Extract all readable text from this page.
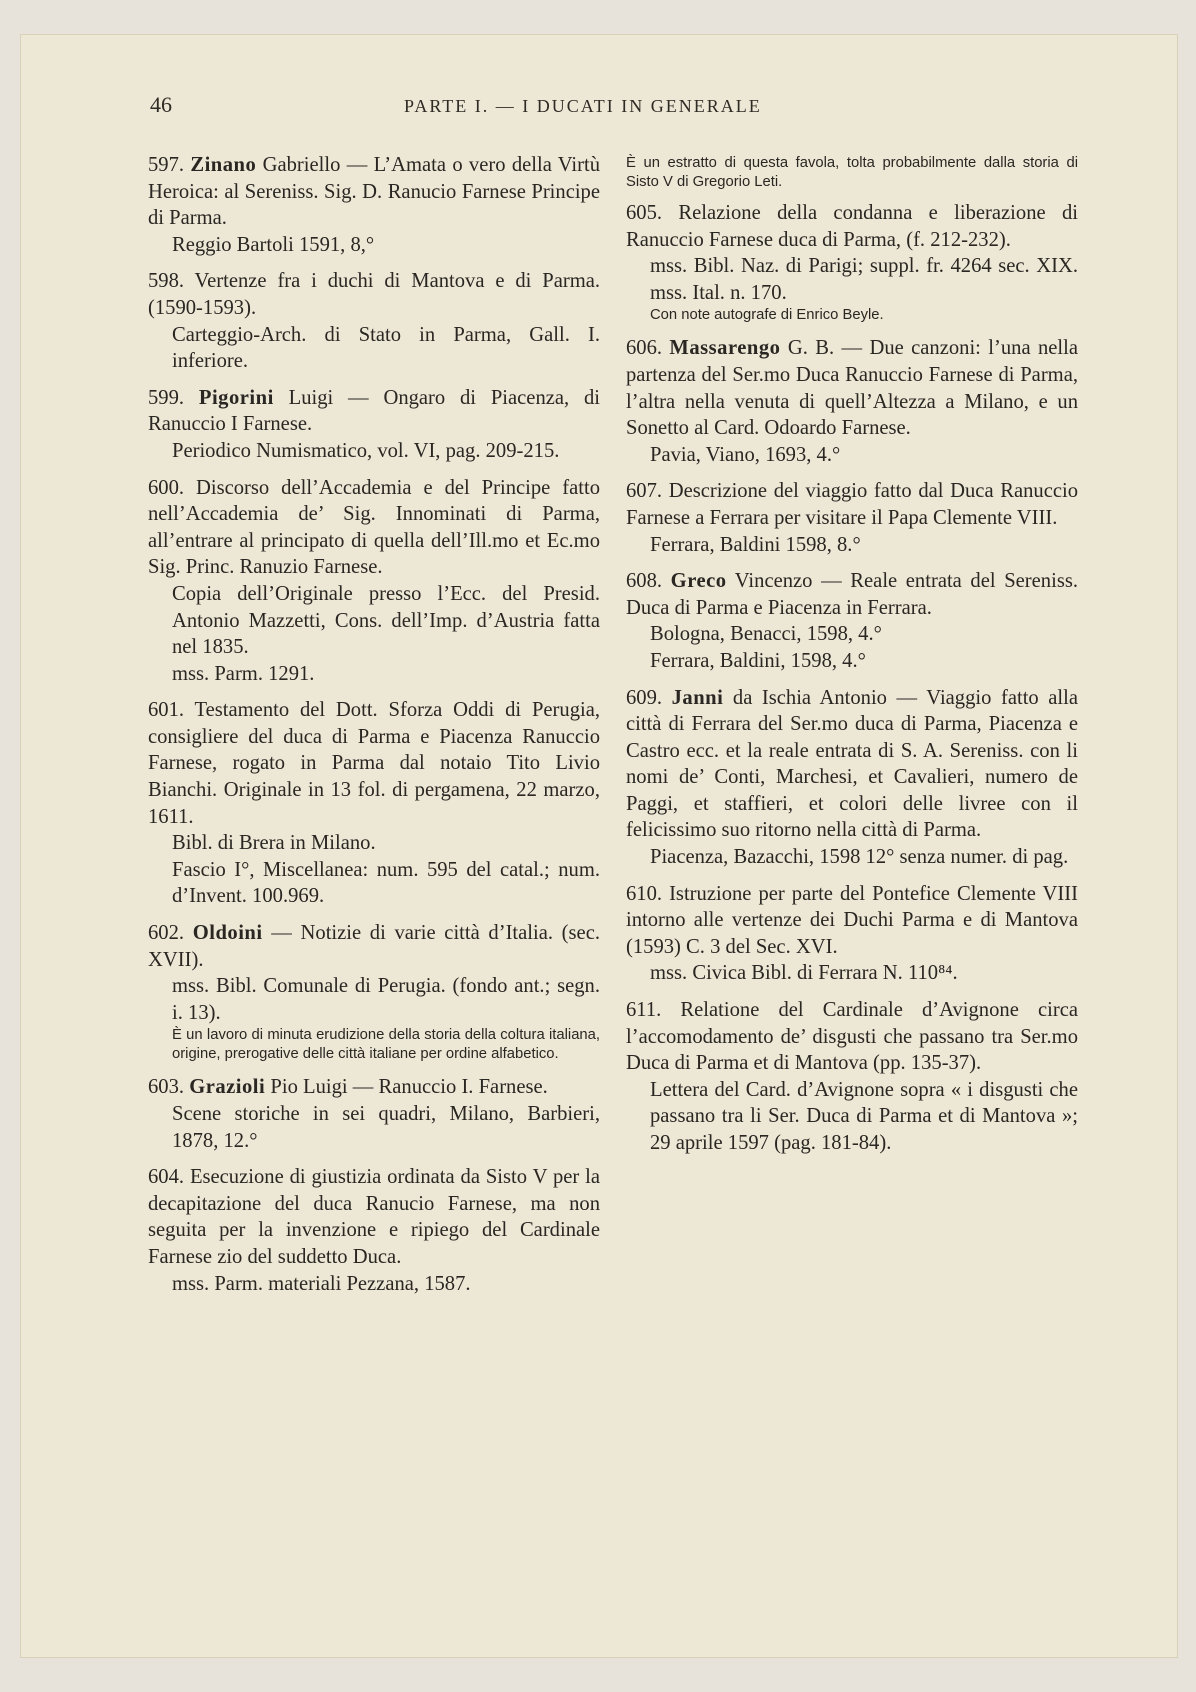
46	PARTE I. — I DUCATI IN GENERALE

597. Zinano Gabriello — L’Amata o vero della Virtù Heroica: al Sereniss. Sig. D. Ranucio Farnese Principe di Parma.

Reggio Bartoli 1591, 8,°

598. Vertenze fra i duchi di Mantova e di Parma. (1590-1593).

Carteggio-Arch. di Stato in Parma, Gall. I. inferiore.

599. Pigorini Luigi — Ongaro di Piacenza, di Ranuccio I Farnese.

Periodico Numismatico, vol. VI, pag. 209-215.

600. Discorso dell’Accademia e del Principe fatto nell’Accademia de’ Sig. Innominati di Parma, all’entrare al principato di quella dell’Ill.mo et Ec.mo Sig. Princ. Ranuzio Farnese.

Copia dell’Originale presso l’Ecc. del Presid. Antonio Mazzetti, Cons. dell’Imp. d’Austria fatta nel 1835.

mss. Parm. 1291.

601. Testamento del Dott. Sforza Oddi di Perugia, consigliere del duca di Parma e Piacenza Ranuccio Farnese, rogato in Parma dal notaio Tito Livio Bianchi. Originale in 13 fol. di pergamena, 22 marzo, 1611.

Bibl. di Brera in Milano.

Fascio I°, Miscellanea: num. 595 del catal.; num. d’Invent. 100.969.

602. Oldoini — Notizie di varie città d’Italia. (sec. XVII).

mss. Bibl. Comunale di Perugia. (fondo ant.; segn. i. 13).

È un lavoro di minuta erudizione della storia della coltura italiana, origine, prerogative delle città italiane per ordine alfabetico.

603. Grazioli Pio Luigi — Ranuccio I. Farnese.

Scene storiche in sei quadri, Milano, Barbieri, 1878, 12.°

604. Esecuzione di giustizia ordinata da Sisto V per la decapitazione del duca Ranucio Farnese, ma non seguita per la invenzione e ripiego del Cardinale Farnese zio del suddetto Duca.

mss. Parm. materiali Pezzana, 1587.

È un estratto di questa favola, tolta probabilmente dalla storia di Sisto V di Gregorio Leti.

605. Relazione della condanna e liberazione di Ranuccio Farnese duca di Parma, (f. 212-232).

mss. Bibl. Naz. di Parigi; suppl. fr. 4264 sec. XIX. mss. Ital. n. 170.

Con note autografe di Enrico Beyle.

606. Massarengo G. B. — Due canzoni: l’una nella partenza del Ser.mo Duca Ranuccio Farnese di Parma, l’altra nella venuta di quell’Altezza a Milano, e un Sonetto al Card. Odoardo Farnese.

Pavia, Viano, 1693, 4.°

607. Descrizione del viaggio fatto dal Duca Ranuccio Farnese a Ferrara per visitare il Papa Clemente VIII.

Ferrara, Baldini 1598, 8.°

608. Greco Vincenzo — Reale entrata del Sereniss. Duca di Parma e Piacenza in Ferrara.

Bologna, Benacci, 1598, 4.°

Ferrara, Baldini, 1598, 4.°

609. Janni da Ischia Antonio — Viaggio fatto alla città di Ferrara del Ser.mo duca di Parma, Piacenza e Castro ecc. et la reale entrata di S. A. Sereniss. con li nomi de’ Conti, Marchesi, et Cavalieri, numero de Paggi, et staffieri, et colori delle livree con il felicissimo suo ritorno nella città di Parma.

Piacenza, Bazacchi, 1598 12° senza numer. di pag.

610. Istruzione per parte del Pontefice Clemente VIII intorno alle vertenze dei Duchi Parma e di Mantova (1593) C. 3 del Sec. XVI.

mss. Civica Bibl. di Ferrara N. 110⁸⁴.

611. Relatione del Cardinale d’Avignone circa l’accomodamento de’ disgusti che passano tra Ser.mo Duca di Parma et di Mantova (pp. 135-37).

Lettera del Card. d’Avignone sopra « i disgusti che passano tra li Ser. Duca di Parma et di Mantova »; 29 aprile 1597 (pag. 181-84).
